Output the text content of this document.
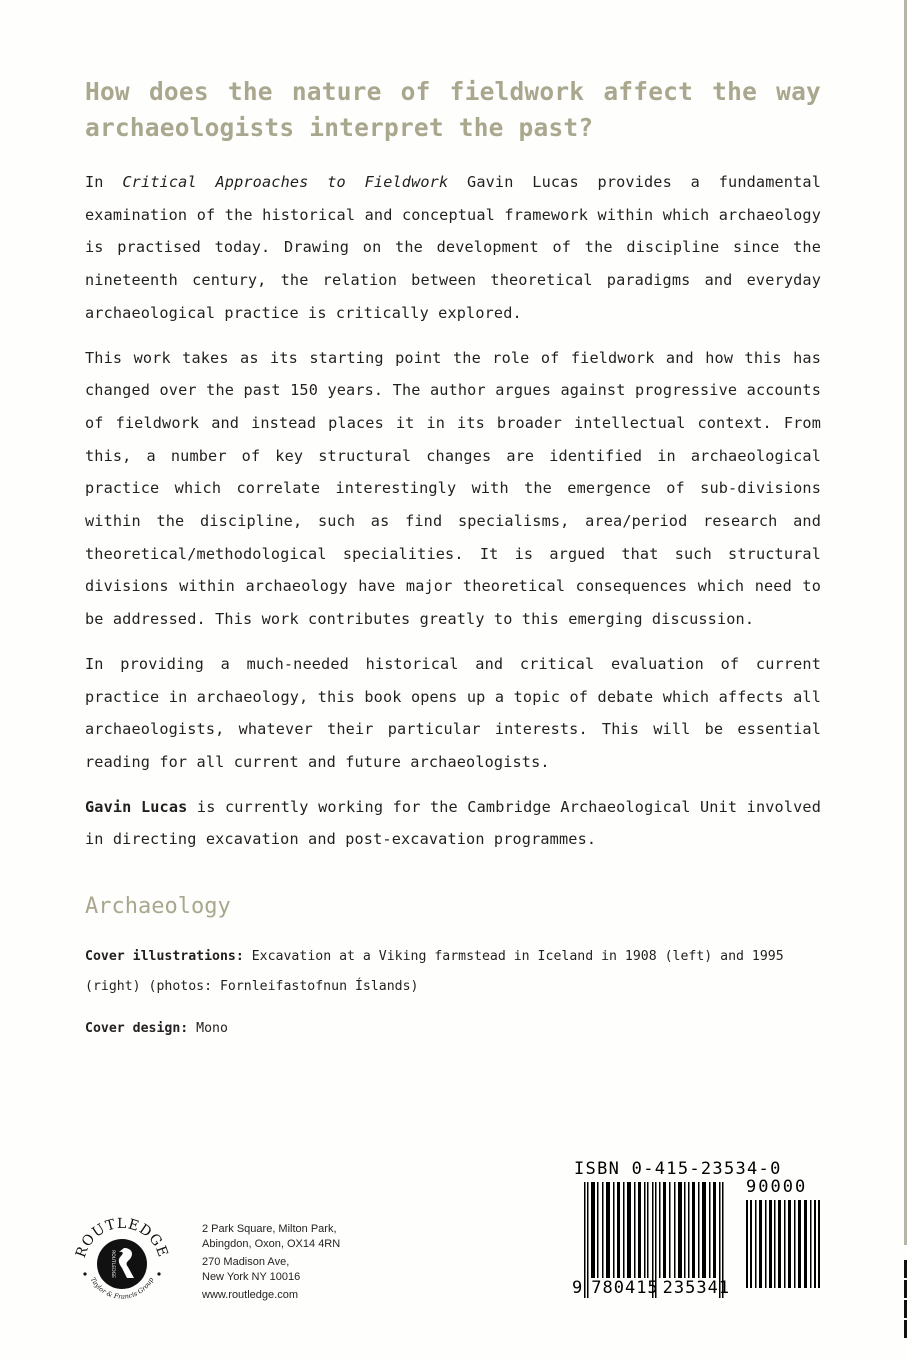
How does the nature of fieldwork affect the way archaeologists interpret the past?

In Critical Approaches to Fieldwork Gavin Lucas provides a fundamental examination of the historical and conceptual framework within which archaeology is practised today. Drawing on the development of the discipline since the nineteenth century, the relation between theoretical paradigms and everyday archaeological practice is critically explored.

This work takes as its starting point the role of fieldwork and how this has changed over the past 150 years. The author argues against progressive accounts of fieldwork and instead places it in its broader intellectual context. From this, a number of key structural changes are identified in archaeological practice which correlate interestingly with the emergence of sub-divisions within the discipline, such as find specialisms, area/period research and theoretical/methodological specialities. It is argued that such structural divisions within archaeology have major theoretical consequences which need to be addressed. This work contributes greatly to this emerging discussion.

In providing a much-needed historical and critical evaluation of current practice in archaeology, this book opens up a topic of debate which affects all archaeologists, whatever their particular interests. This will be essential reading for all current and future archaeologists.

Gavin Lucas is currently working for the Cambridge Archaeological Unit involved in directing excavation and post-excavation programmes.

Archaeology

Cover illustrations: Excavation at a Viking farmstead in Iceland in 1908 (left) and 1995 (right) (photos: Fornleifastofnun Íslands)

Cover design: Mono

ROUTLEDGE
Taylor & Francis Group
ROUTLEDGE
2 Park Square, Milton Park,
Abingdon, Oxon, OX14 4RN
270 Madison Ave,
New York NY 10016
www.routledge.com
ISBN 0-415-23534-0
90000
9 780415 235341
